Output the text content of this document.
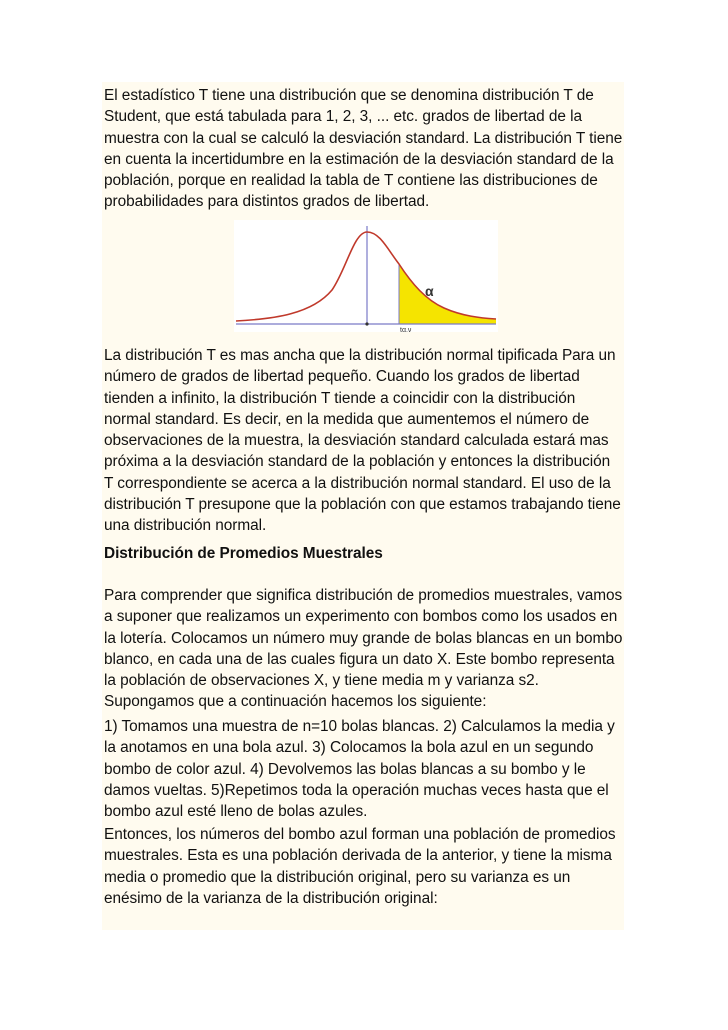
El estadístico T tiene una distribución que se denomina distribución T de
Student, que está tabulada para 1, 2, 3, ... etc. grados de libertad de la
muestra con la cual se calculó la desviación standard. La distribución T tiene
en cuenta la incertidumbre en la estimación de la desviación standard de la
población, porque en realidad la tabla de T contiene las distribuciones de
probabilidades para distintos grados de libertad.
α
tα,ν
La distribución T es mas ancha que la distribución normal tipificada Para un
número de grados de libertad pequeño. Cuando los grados de libertad
tienden a infinito, la distribución T tiende a coincidir con la distribución
normal standard. Es decir, en la medida que aumentemos el número de
observaciones de la muestra, la desviación standard calculada estará mas
próxima a la desviación standard de la población y entonces la distribución
T correspondiente se acerca a la distribución normal standard. El uso de la
distribución T presupone que la población con que estamos trabajando tiene
una distribución normal.
Distribución de Promedios Muestrales
Para comprender que significa distribución de promedios muestrales, vamos
a suponer que realizamos un experimento con bombos como los usados en
la lotería. Colocamos un número muy grande de bolas blancas en un bombo
blanco, en cada una de las cuales figura un dato X. Este bombo representa
la población de observaciones X, y tiene media m y varianza s2.
Supongamos que a continuación hacemos los siguiente:
1) Tomamos una muestra de n=10 bolas blancas. 2) Calculamos la media y
la anotamos en una bola azul. 3) Colocamos la bola azul en un segundo
bombo de color azul. 4) Devolvemos las bolas blancas a su bombo y le
damos vueltas. 5)Repetimos toda la operación muchas veces hasta que el
bombo azul esté lleno de bolas azules.
Entonces, los números del bombo azul forman una población de promedios
muestrales. Esta es una población derivada de la anterior, y tiene la misma
media o promedio que la distribución original, pero su varianza es un
enésimo de la varianza de la distribución original:
